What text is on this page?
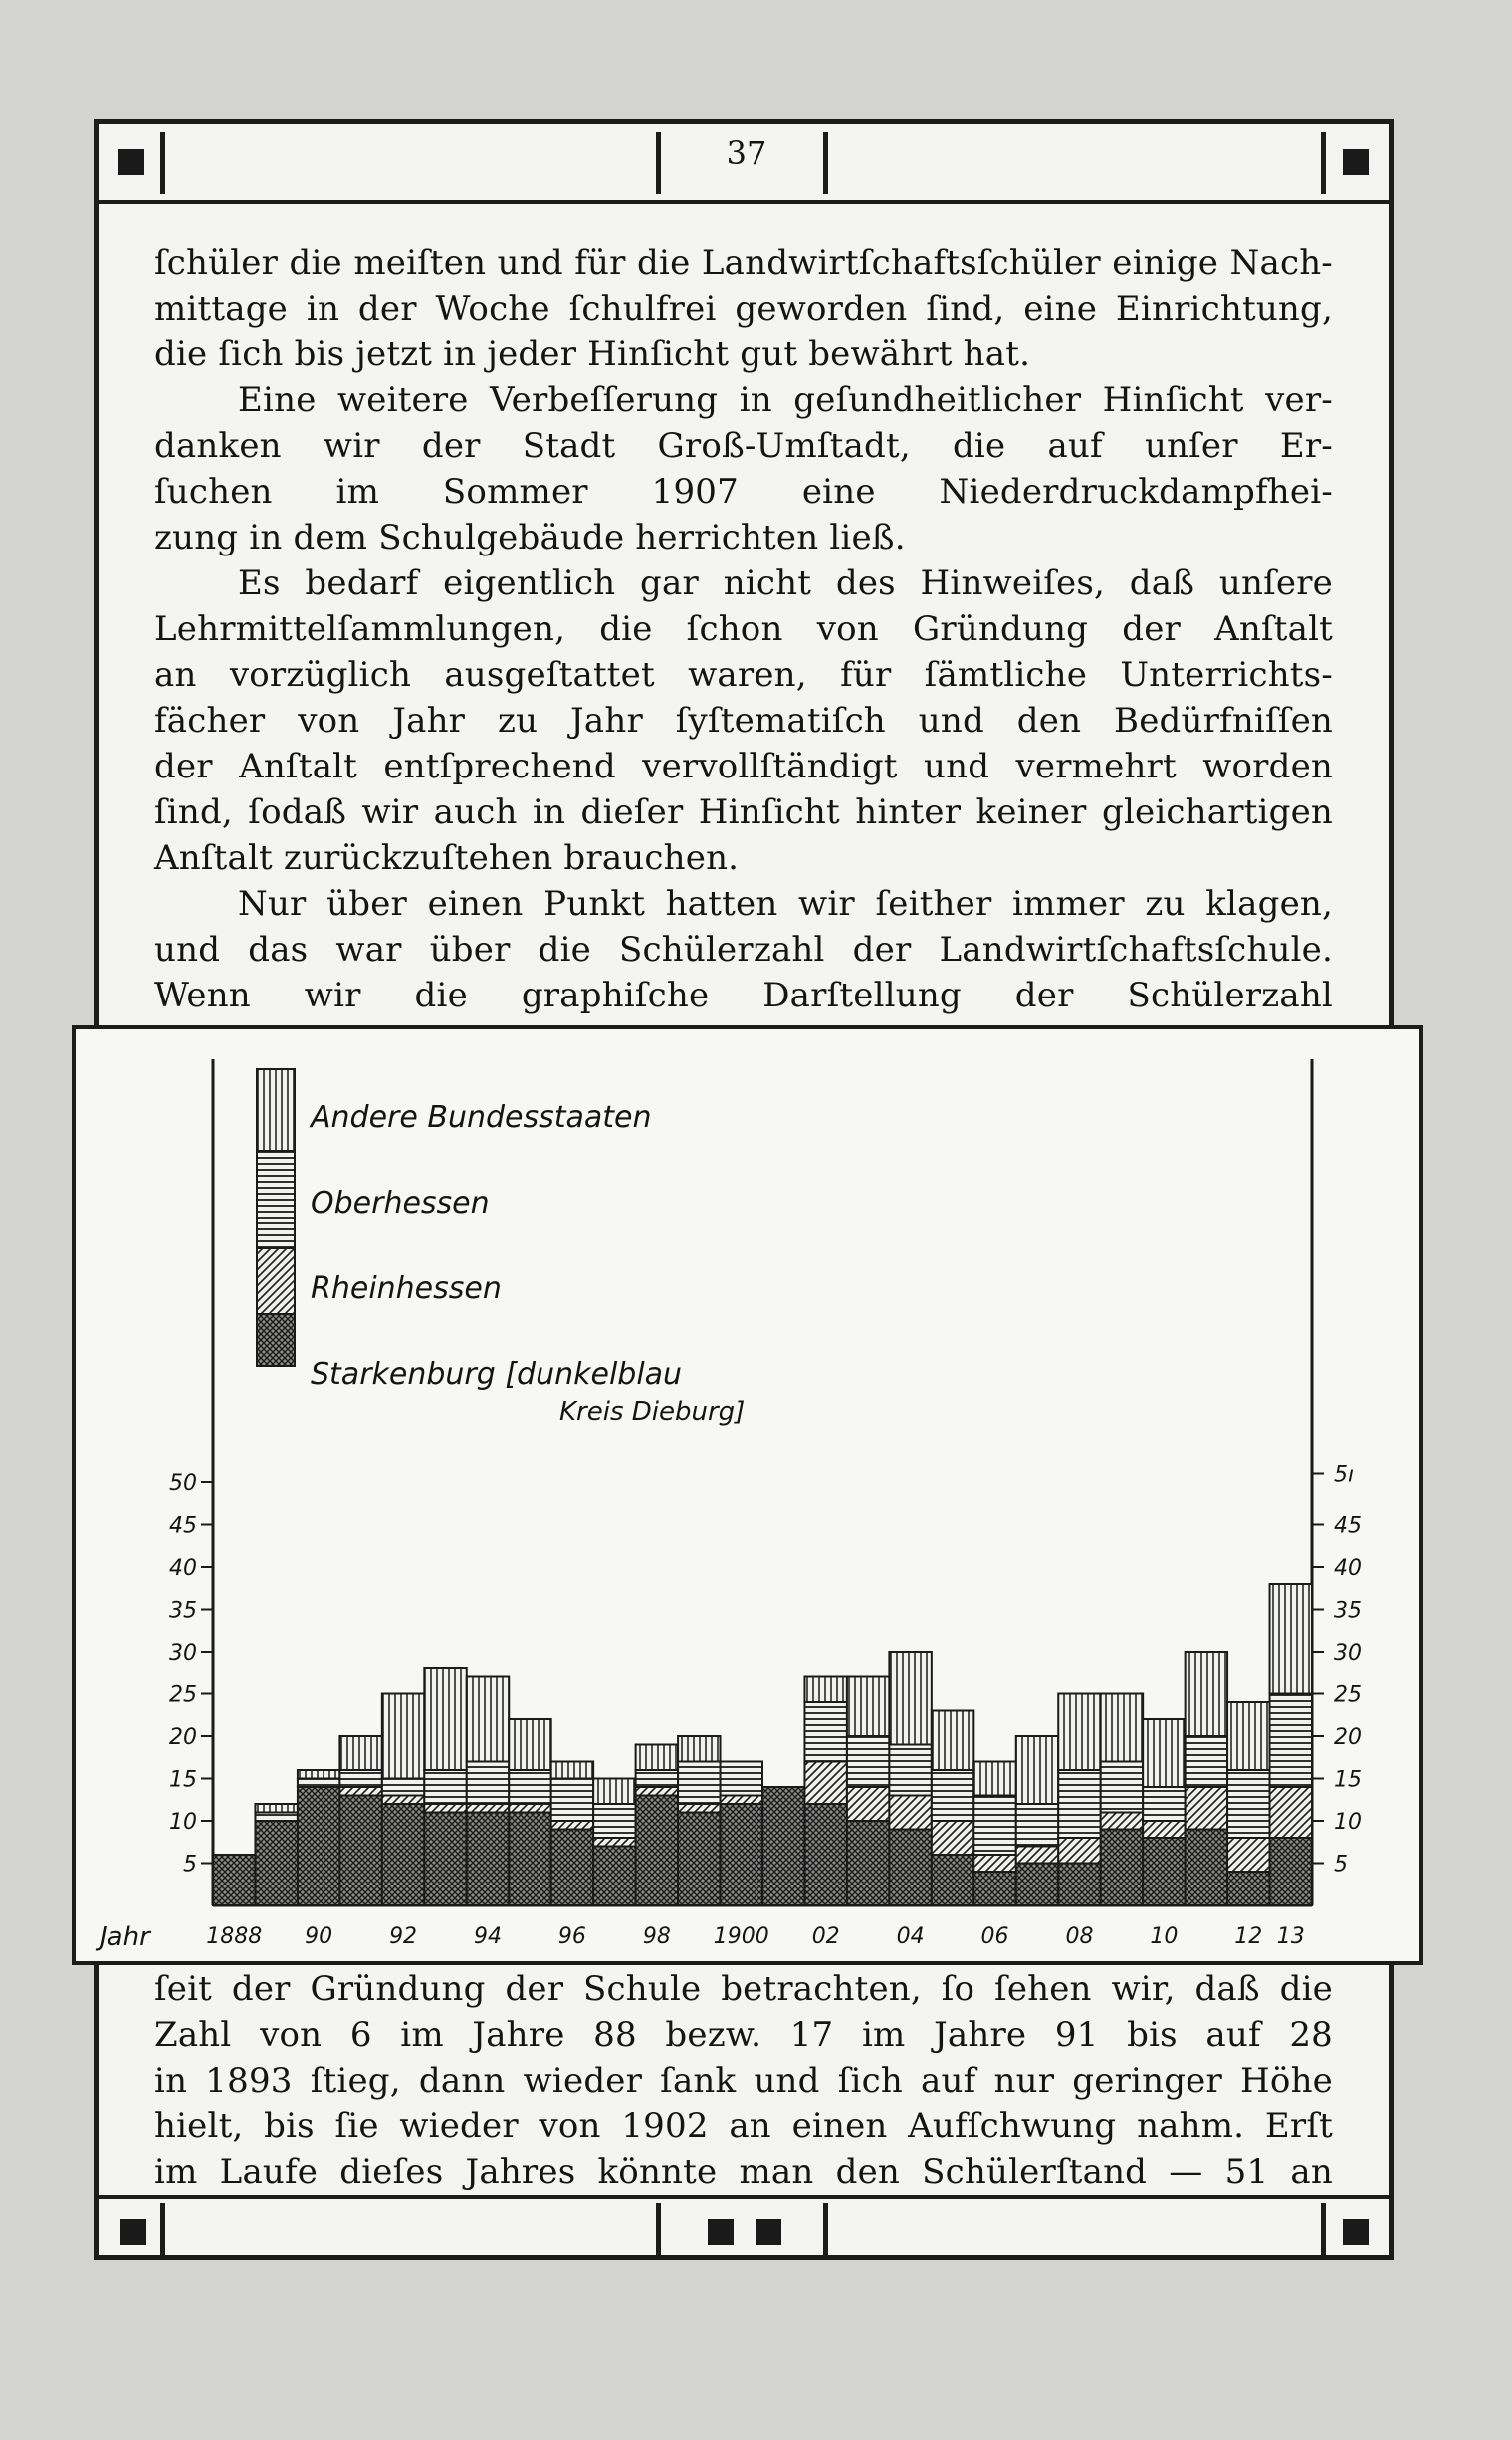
37
ſchüler die meiſten und für die Landwirtſchaftsſchüler einige Nach-
mittage in der Woche ſchulfrei geworden ſind, eine Einrichtung,
die ſich bis jetzt in jeder Hinſicht gut bewährt hat.
Eine weitere Verbeſſerung in geſundheitlicher Hinſicht ver-
danken wir der Stadt Groß-Umſtadt, die auf unſer Er-
ſuchen im Sommer 1907 eine Niederdruckdampfhei-
zung in dem Schulgebäude herrichten ließ.
Es bedarf eigentlich gar nicht des Hinweiſes, daß unſere
Lehrmittelſammlungen, die ſchon von Gründung der Anſtalt
an vorzüglich ausgeſtattet waren, für ſämtliche Unterrichts-
fächer von Jahr zu Jahr ſyſtematiſch und den Bedürfniſſen
der Anſtalt entſprechend vervollſtändigt und vermehrt worden
ſind, ſodaß wir auch in dieſer Hinſicht hinter keiner gleichartigen
Anſtalt zurückzuſtehen brauchen.
Nur über einen Punkt hatten wir ſeither immer zu klagen,
und das war über die Schülerzahl der Landwirtſchaftsſchule.
Wenn wir die graphiſche Darſtellung der Schülerzahl
ſeit der Gründung der Schule betrachten, ſo ſehen wir, daß die
Zahl von 6 im Jahre 88 bezw. 17 im Jahre 91 bis auf 28
in 1893 ſtieg, dann wieder ſank und ſich auf nur geringer Höhe
hielt, bis ſie wieder von 1902 an einen Aufſchwung nahm. Erſt
im Laufe dieſes Jahres könnte man den Schülerſtand — 51 an
50
45
40
35
30
25
20
15
10
5
5ı
45
40
35
30
25
20
15
10
5
1888 90	92	94	96	98 1900 02	04	06	08	10	12 13
Jahr
Andere Bundesstaaten
Oberhessen
Rheinhessen
Starkenburg [dunkelblau
Kreis Dieburg]
